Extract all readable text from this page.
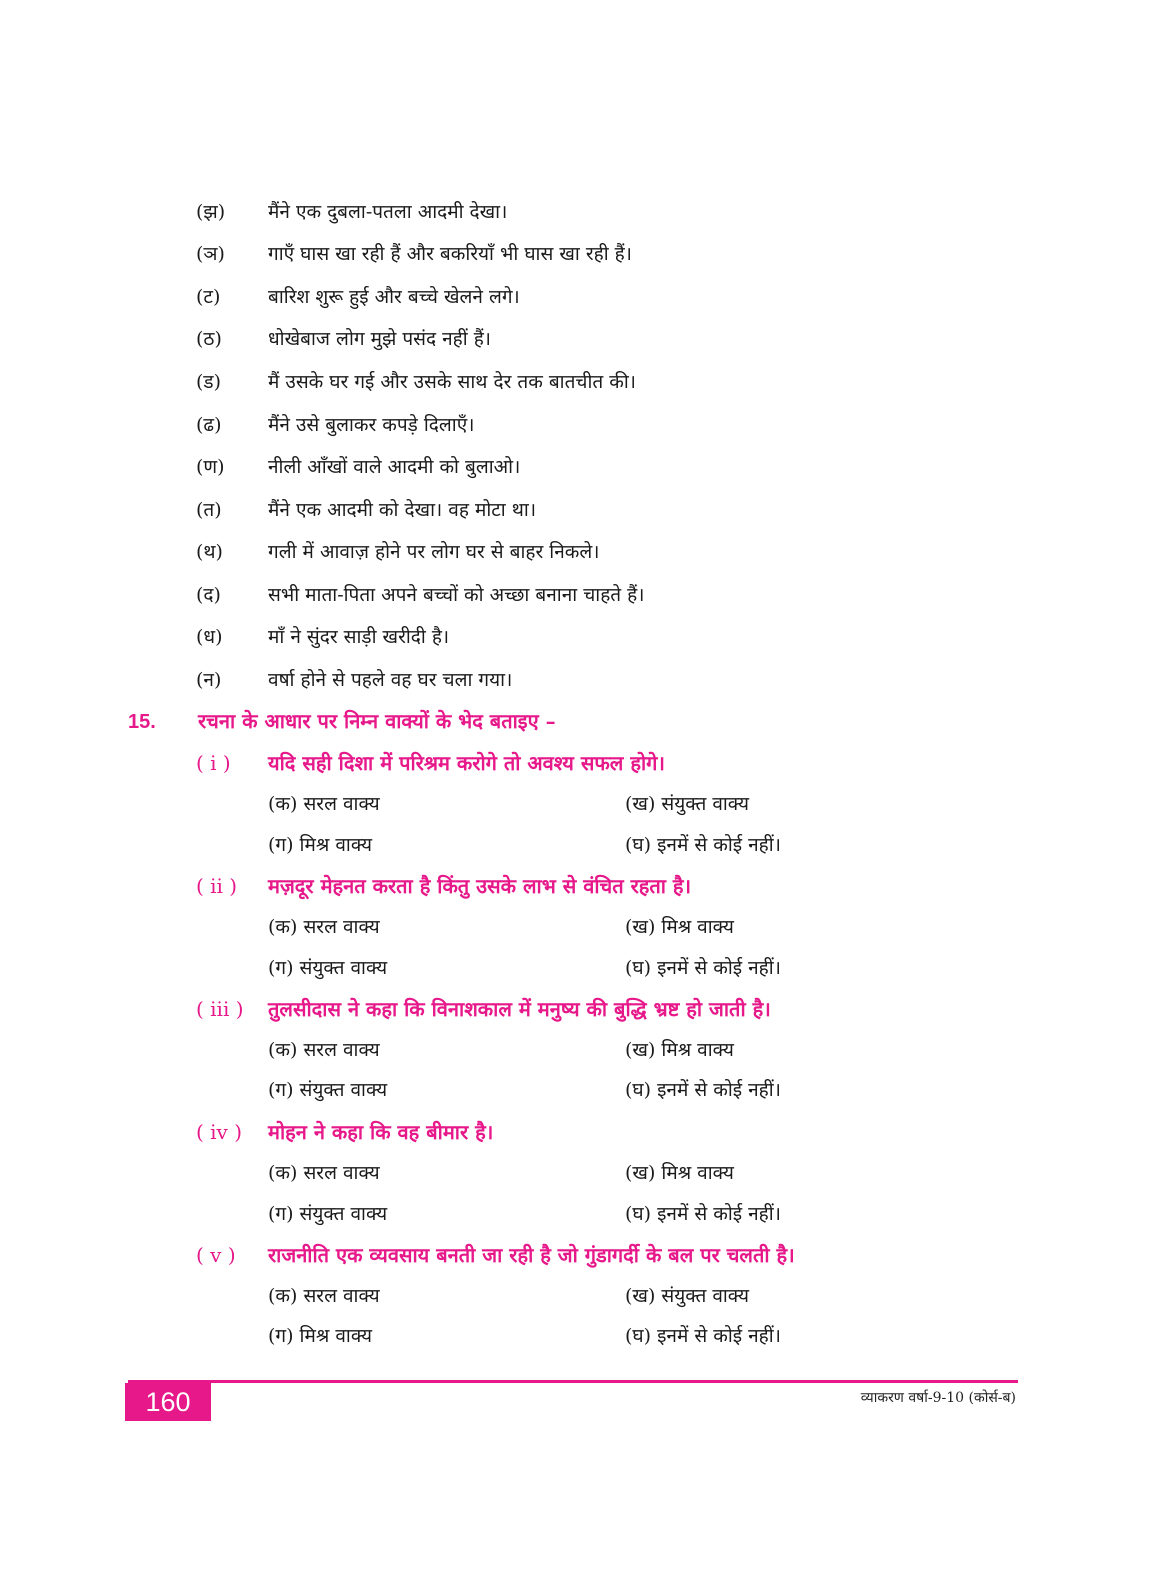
(झ)	मैंने एक दुबला-पतला आदमी देखा।
(ञ)	गाएँ घास खा रही हैं और बकरियाँ भी घास खा रही हैं।
(ट)	बारिश शुरू हुई और बच्चे खेलने लगे।
(ठ)	धोखेबाज लोग मुझे पसंद नहीं हैं।
(ड)	मैं उसके घर गई और उसके साथ देर तक बातचीत की।
(ढ)	मैंने उसे बुलाकर कपड़े दिलाएँ।
(ण)	नीली आँखों वाले आदमी को बुलाओ।
(त)	मैंने एक आदमी को देखा। वह मोटा था।
(थ)	गली में आवाज़ होने पर लोग घर से बाहर निकले।
(द)	सभी माता-पिता अपने बच्चों को अच्छा बनाना चाहते हैं।
(ध)	माँ ने सुंदर साड़ी खरीदी है।
(न)	वर्षा होने से पहले वह घर चला गया।
15.	रचना के आधार पर निम्न वाक्यों के भेद बताइए –
( i )	यदि सही दिशा में परिश्रम करोगे तो अवश्य सफल होगे।
(क) सरल वाक्य	(ख) संयुक्त वाक्य
(ग) मिश्र वाक्य	(घ) इनमें से कोई नहीं।
( ii )	मज़दूर मेहनत करता है किंतु उसके लाभ से वंचित रहता है।
(क) सरल वाक्य	(ख) मिश्र वाक्य
(ग) संयुक्त वाक्य	(घ) इनमें से कोई नहीं।
( iii )	तुलसीदास ने कहा कि विनाशकाल में मनुष्य की बुद्धि भ्रष्ट हो जाती है।
(क) सरल वाक्य	(ख) मिश्र वाक्य
(ग) संयुक्त वाक्य	(घ) इनमें से कोई नहीं।
( iv )	मोहन ने कहा कि वह बीमार है।
(क) सरल वाक्य	(ख) मिश्र वाक्य
(ग) संयुक्त वाक्य	(घ) इनमें से कोई नहीं।
( v )	राजनीति एक व्यवसाय बनती जा रही है जो गुंडागर्दी के बल पर चलती है।
(क) सरल वाक्य	(ख) संयुक्त वाक्य
(ग) मिश्र वाक्य	(घ) इनमें से कोई नहीं।
160	व्याकरण वर्षा-9-10 (कोर्स-ब)
